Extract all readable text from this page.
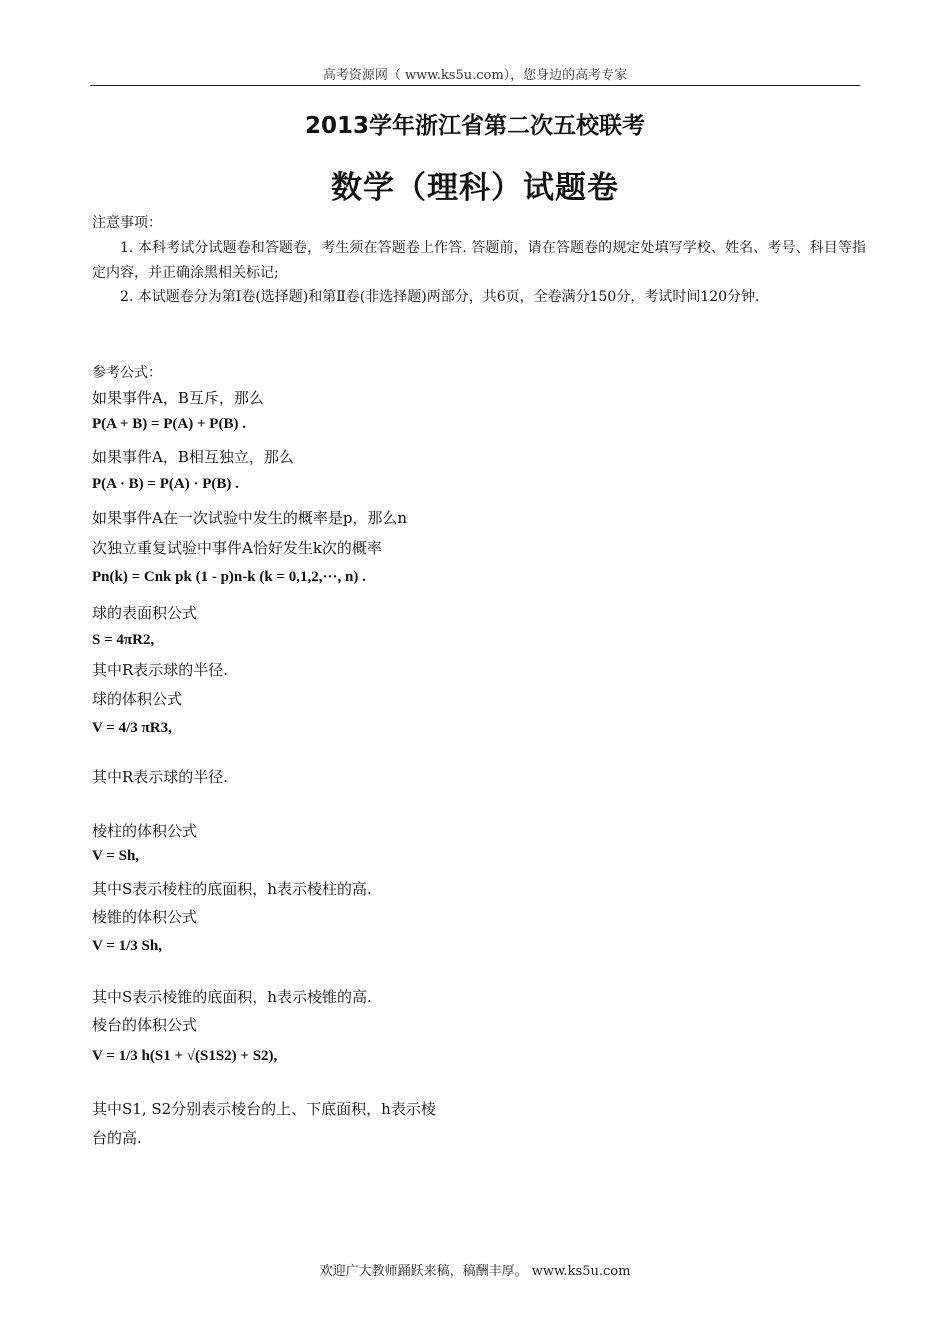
高考资源网（ www.ks5u.com），您身边的高考专家
2013学年浙江省第二次五校联考
数学（理科）试题卷
注意事项：
1. 本科考试分试题卷和答题卷，考生须在答题卷上作答. 答题前，请在答题卷的规定处填写学校、姓名、考号、科目等指定内容，并正确涂黑相关标记;
2. 本试题卷分为第Ⅰ卷(选择题)和第Ⅱ卷(非选择题)两部分，共6页，全卷满分150分，考试时间120分钟.
参考公式：
如果事件A，B互斥，那么
P(A + B) = P(A) + P(B) .
如果事件A，B相互独立，那么
P(A · B) = P(A) · P(B) .
如果事件A在一次试验中发生的概率是p，那么n
次独立重复试验中事件A恰好发生k次的概率
Pn(k) = Cnk pk (1 - p)n-k (k = 0,1,2,···, n) .
球的表面积公式
S = 4πR2,
其中R表示球的半径.
球的体积公式
V = 4/3 πR3,
其中R表示球的半径.
棱柱的体积公式
V = Sh,
其中S表示棱柱的底面积，h表示棱柱的高.
棱锥的体积公式
V = 1/3 Sh,
其中S表示棱锥的底面积，h表示棱锥的高.
棱台的体积公式
V = 1/3 h(S1 + √(S1S2) + S2),
其中S1, S2分别表示棱台的上、下底面积，h表示棱
台的高.
欢迎广大教师踊跃来稿，稿酬丰厚。 www.ks5u.com
